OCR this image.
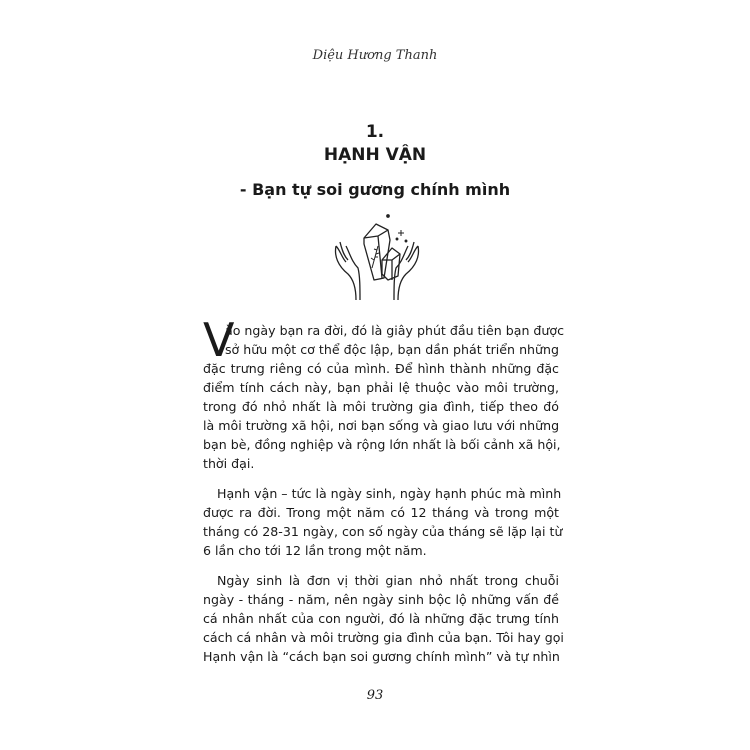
Diệu Hương Thanh
1.
HẠNH VẬN
- Bạn tự soi gương chính mình
V
ào ngày bạn ra đời, đó là giây phút đầu tiên bạn được
sở hữu một cơ thể độc lập, bạn dần phát triển những
đặc trưng riêng có của mình. Để hình thành những đặc
điểm tính cách này, bạn phải lệ thuộc vào môi trường,
trong đó nhỏ nhất là môi trường gia đình, tiếp theo đó
là môi trường xã hội, nơi bạn sống và giao lưu với những
bạn bè, đồng nghiệp và rộng lớn nhất là bối cảnh xã hội,
thời đại.
Hạnh vận – tức là ngày sinh, ngày hạnh phúc mà mình
được ra đời. Trong một năm có 12 tháng và trong một
tháng có 28-31 ngày, con số ngày của tháng sẽ lặp lại từ
6 lần cho tới 12 lần trong một năm.
Ngày sinh là đơn vị thời gian nhỏ nhất trong chuỗi
ngày - tháng - năm, nên ngày sinh bộc lộ những vấn đề
cá nhân nhất của con người, đó là những đặc trưng tính
cách cá nhân và môi trường gia đình của bạn. Tôi hay gọi
Hạnh vận là “cách bạn soi gương chính mình” và tự nhìn
93
